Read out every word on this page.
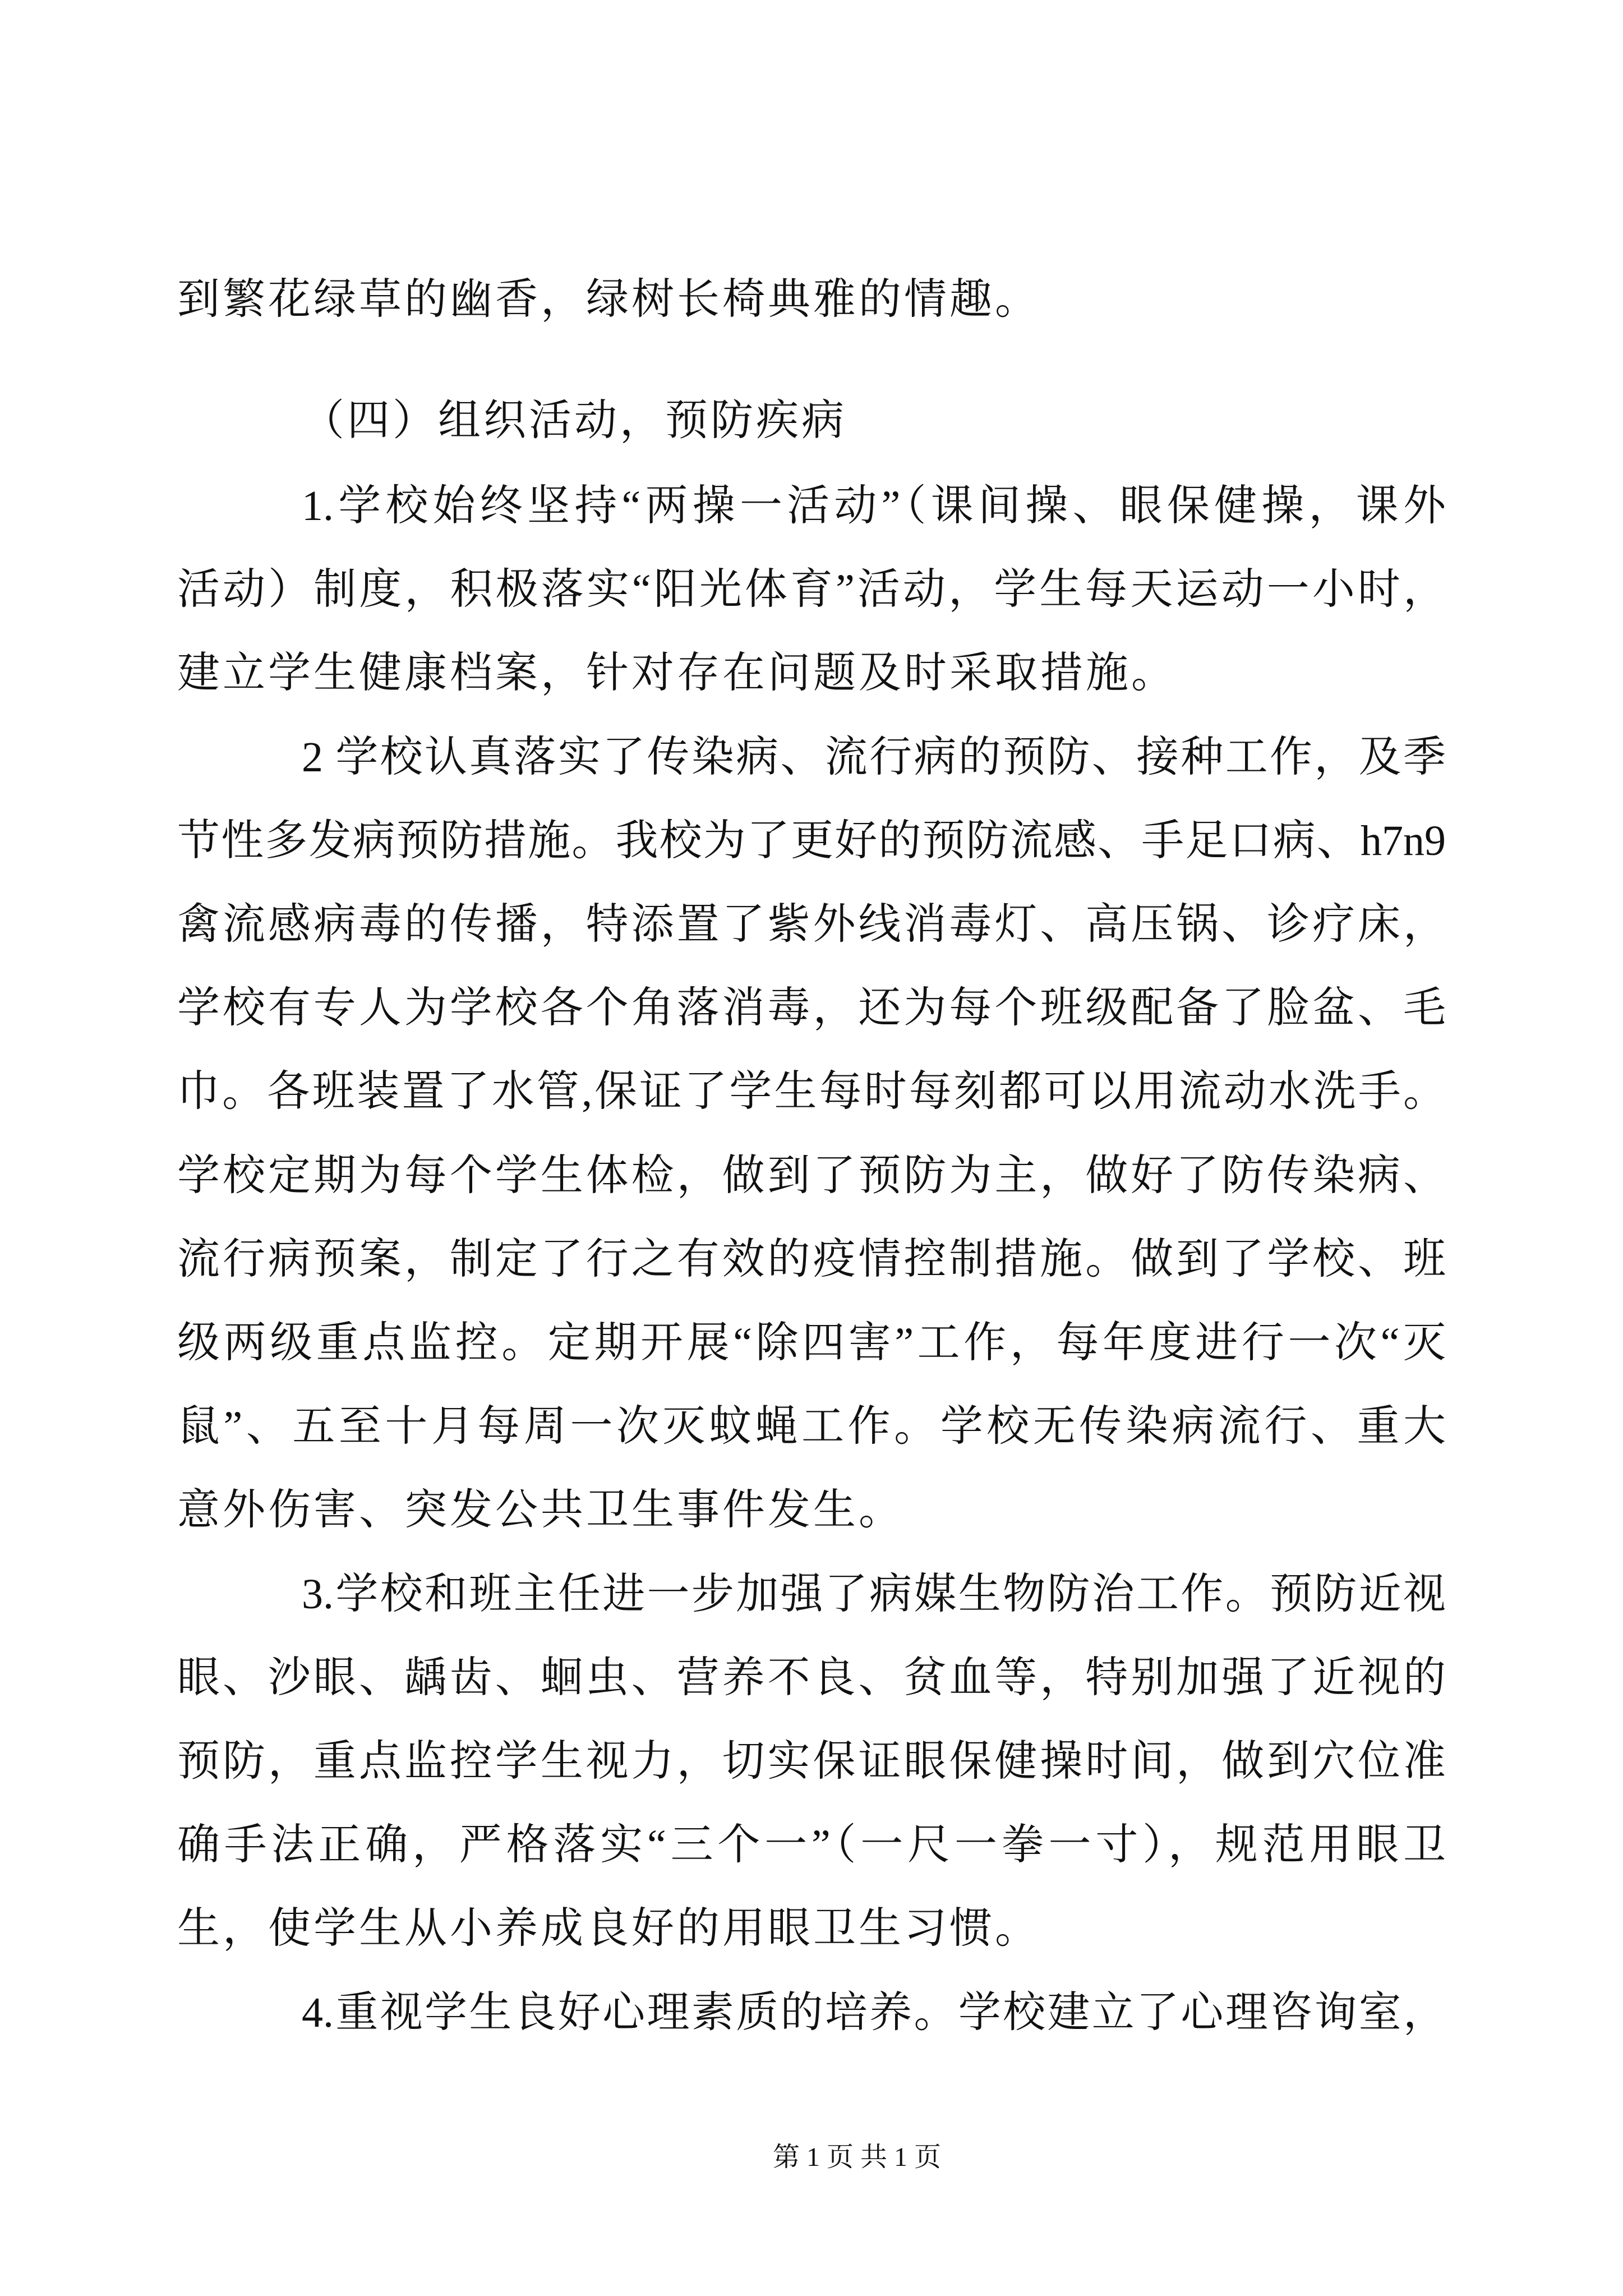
到繁花绿草的幽香，绿树长椅典雅的情趣。
（四）组织活动，预防疾病
1.学校始终坚持“两操一活动”（课间操、眼保健操，课外
活动）制度，积极落实“阳光体育”活动，学生每天运动一小时，
建立学生健康档案，针对存在问题及时采取措施。
2 学校认真落实了传染病、流行病的预防、接种工作，及季
节性多发病预防措施。我校为了更好的预防流感、手足口病、h7n9
禽流感病毒的传播，特添置了紫外线消毒灯、高压锅、诊疗床，
学校有专人为学校各个角落消毒，还为每个班级配备了脸盆、毛
巾。各班装置了水管,保证了学生每时每刻都可以用流动水洗手。
学校定期为每个学生体检，做到了预防为主，做好了防传染病、
流行病预案，制定了行之有效的疫情控制措施。做到了学校、班
级两级重点监控。定期开展“除四害”工作，每年度进行一次“灭
鼠”、五至十月每周一次灭蚊蝇工作。学校无传染病流行、重大
意外伤害、突发公共卫生事件发生。
3.学校和班主任进一步加强了病媒生物防治工作。预防近视
眼、沙眼、龋齿、蛔虫、营养不良、贫血等，特别加强了近视的
预防，重点监控学生视力，切实保证眼保健操时间，做到穴位准
确手法正确，严格落实“三个一”（一尺一拳一寸），规范用眼卫
生，使学生从小养成良好的用眼卫生习惯。
4.重视学生良好心理素质的培养。学校建立了心理咨询室，
第 1 页 共 1 页
